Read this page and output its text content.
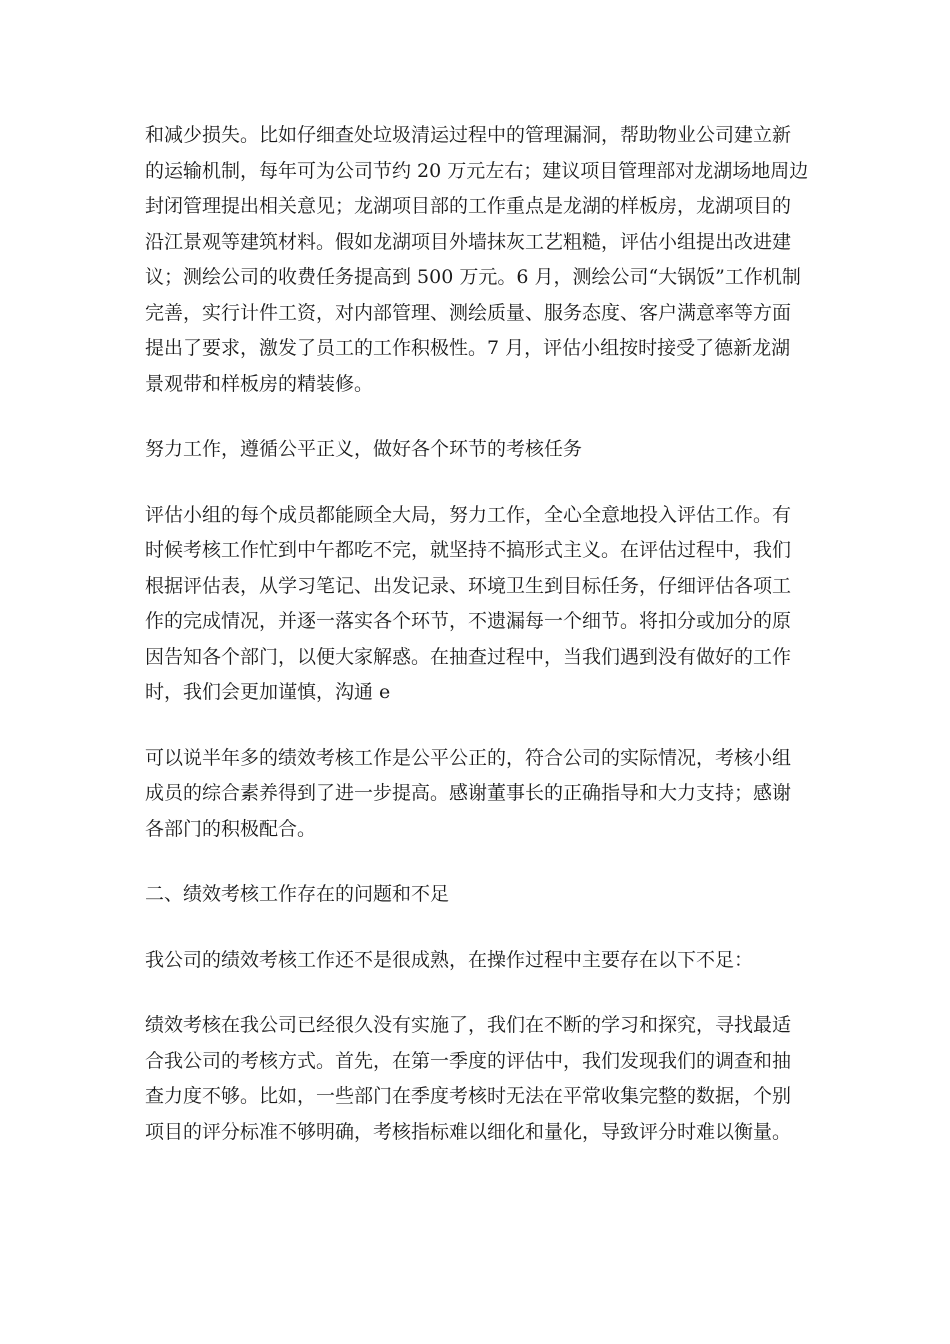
和减少损失。比如仔细查处垃圾清运过程中的管理漏洞，帮助物业公司建立新
的运输机制，每年可为公司节约 20 万元左右；建议项目管理部对龙湖场地周边
封闭管理提出相关意见；龙湖项目部的工作重点是龙湖的样板房，龙湖项目的
沿江景观等建筑材料。假如龙湖项目外墙抹灰工艺粗糙，评估小组提出改进建
议；测绘公司的收费任务提高到 500 万元。6 月，测绘公司“大锅饭”工作机制
完善，实行计件工资，对内部管理、测绘质量、服务态度、客户满意率等方面
提出了要求，激发了员工的工作积极性。7 月，评估小组按时接受了德新龙湖
景观带和样板房的精装修。
努力工作，遵循公平正义，做好各个环节的考核任务
评估小组的每个成员都能顾全大局，努力工作，全心全意地投入评估工作。有
时候考核工作忙到中午都吃不完，就坚持不搞形式主义。在评估过程中，我们
根据评估表，从学习笔记、出发记录、环境卫生到目标任务，仔细评估各项工
作的完成情况，并逐一落实各个环节，不遗漏每一个细节。将扣分或加分的原
因告知各个部门，以便大家解惑。在抽查过程中，当我们遇到没有做好的工作
时，我们会更加谨慎，沟通 e
可以说半年多的绩效考核工作是公平公正的，符合公司的实际情况，考核小组
成员的综合素养得到了进一步提高。感谢董事长的正确指导和大力支持；感谢
各部门的积极配合。
二、绩效考核工作存在的问题和不足
我公司的绩效考核工作还不是很成熟，在操作过程中主要存在以下不足：
绩效考核在我公司已经很久没有实施了，我们在不断的学习和探究，寻找最适
合我公司的考核方式。首先，在第一季度的评估中，我们发现我们的调查和抽
查力度不够。比如，一些部门在季度考核时无法在平常收集完整的数据，个别
项目的评分标准不够明确，考核指标难以细化和量化，导致评分时难以衡量。
